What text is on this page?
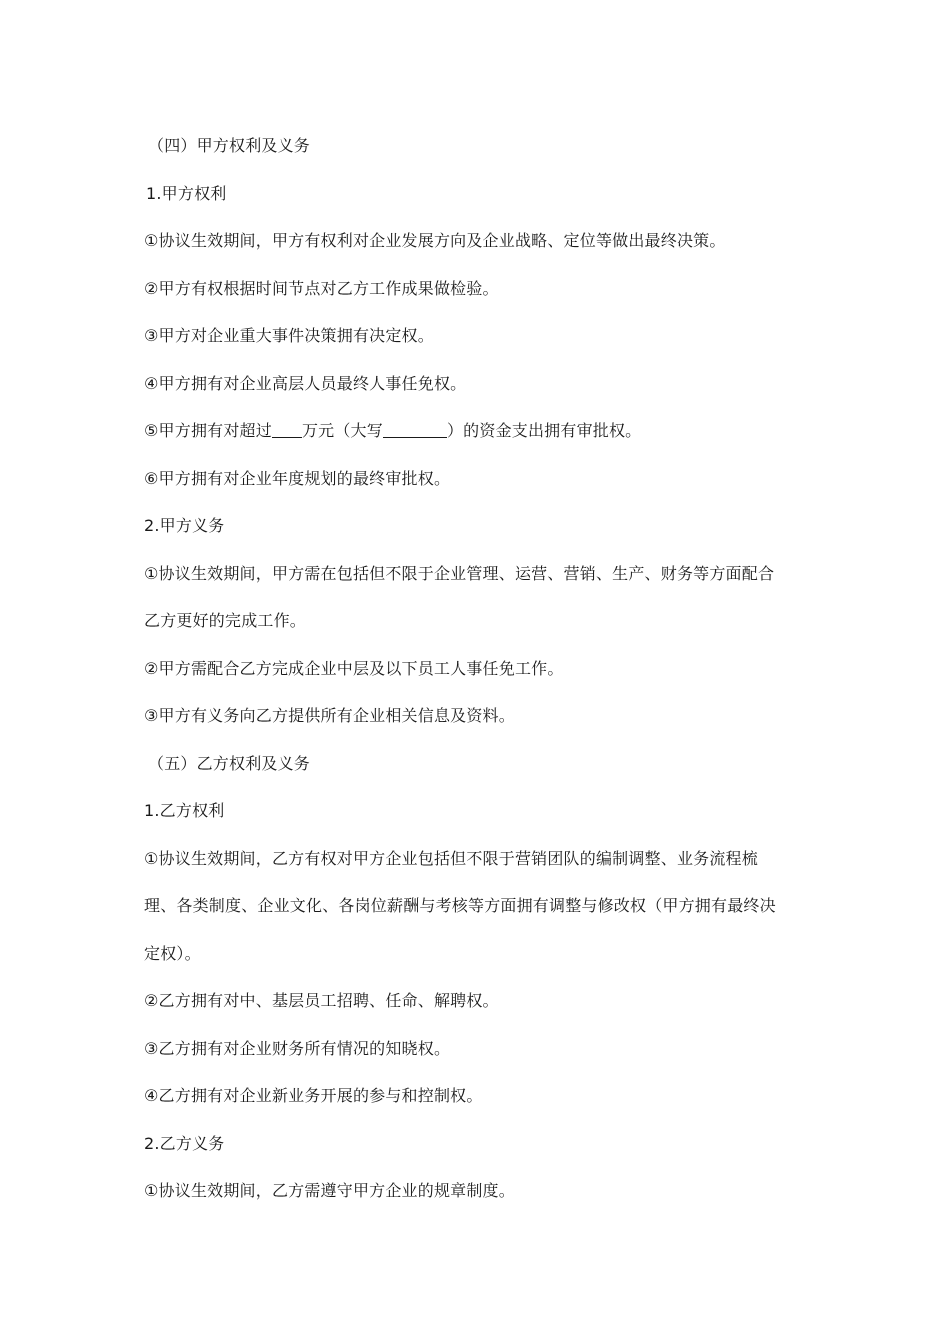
（四）甲方权利及义务
1.甲方权利
①协议生效期间，甲方有权利对企业发展方向及企业战略、定位等做出最终决策。
②甲方有权根据时间节点对乙方工作成果做检验。
③甲方对企业重大事件决策拥有决定权。
④甲方拥有对企业高层人员最终人事任免权。
⑤甲方拥有对超过 万元（大写	）的资金支出拥有审批权。
⑥甲方拥有对企业年度规划的最终审批权。
2.甲方义务
①协议生效期间，甲方需在包括但不限于企业管理、运营、营销、生产、财务等方面配合
乙方更好的完成工作。
②甲方需配合乙方完成企业中层及以下员工人事任免工作。
③甲方有义务向乙方提供所有企业相关信息及资料。
（五）乙方权利及义务
1.乙方权利
①协议生效期间，乙方有权对甲方企业包括但不限于营销团队的编制调整、业务流程梳
理、各类制度、企业文化、各岗位薪酬与考核等方面拥有调整与修改权（甲方拥有最终决
定权）。
②乙方拥有对中、基层员工招聘、任命、解聘权。
③乙方拥有对企业财务所有情况的知晓权。
④乙方拥有对企业新业务开展的参与和控制权。
2.乙方义务
①协议生效期间，乙方需遵守甲方企业的规章制度。
